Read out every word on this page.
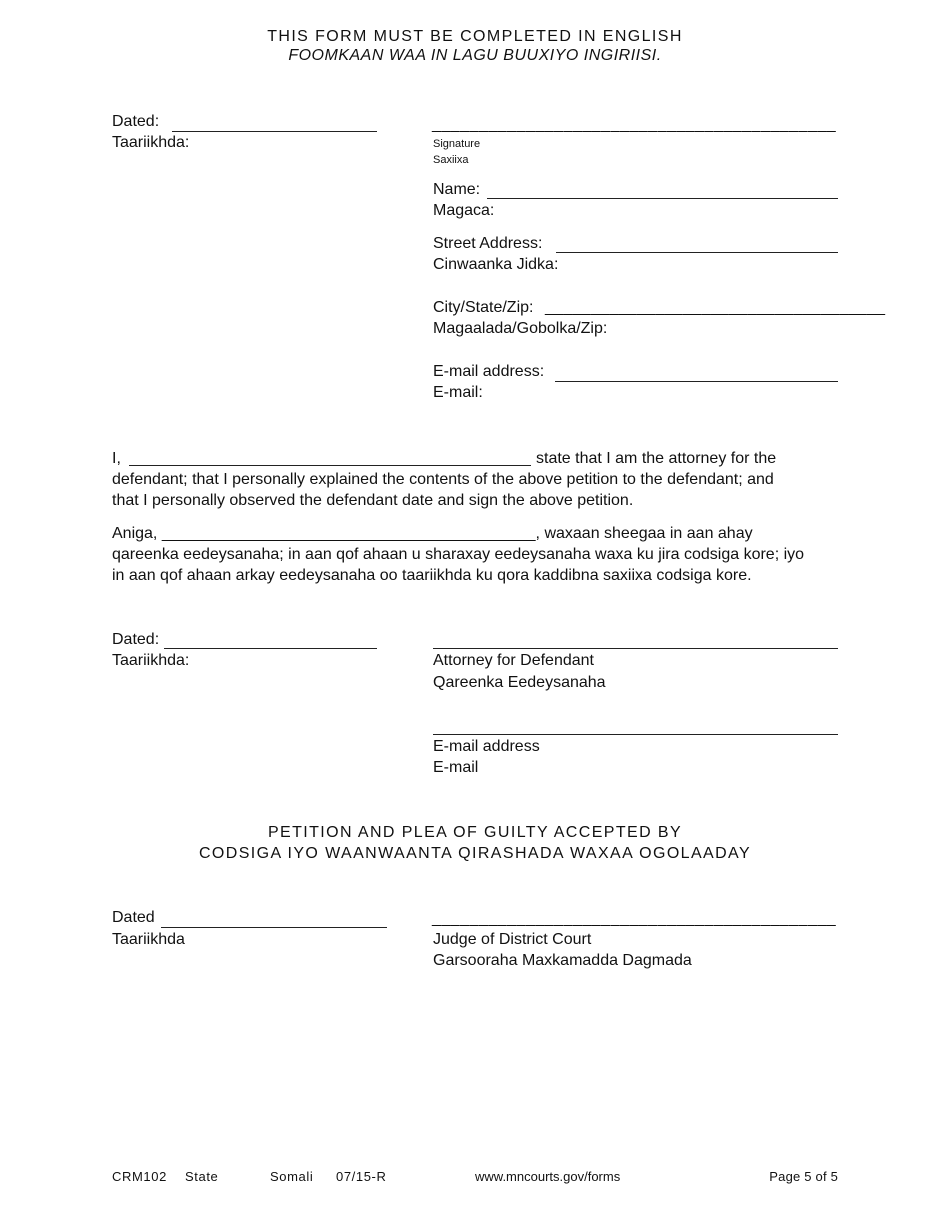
THIS FORM MUST BE COMPLETED IN ENGLISH
FOOMKAAN WAA IN LAGU BUUXIYO INGIRIISI.
Dated:
Taariikhda:
___________________________________________
Signature
Saxiixa
Name:
Magaca:
Street Address:
Cinwaanka Jidka:
City/State/Zip: _____________________________________
Magaalada/Gobolka/Zip:
E-mail address:
E-mail:
I,	state that I am the attorney for the
defendant; that I personally explained the contents of the above petition to the defendant; and
that I personally observed the defendant date and sign the above petition.
Aniga, __________________________________________, waxaan sheegaa in aan ahay
qareenka eedeysanaha; in aan qof ahaan u sharaxay eedeysanaha waxa ku jira codsiga kore; iyo
in aan qof ahaan arkay eedeysanaha oo taariikhda ku qora kaddibna saxiixa codsiga kore.
Dated:
Taariikhda:	Attorney for Defendant
Qareenka Eedeysanaha
E-mail address
E-mail
PETITION AND PLEA OF GUILTY ACCEPTED BY
CODSIGA IYO WAANWAANTA QIRASHADA WAXAA OGOLAADAY
Dated
Taariikhda
___________________________________________
Judge of District Court
Garsooraha Maxkamadda Dagmada
CRM102 State	Somali 07/15-R	www.mncourts.gov/forms	Page 5 of 5
